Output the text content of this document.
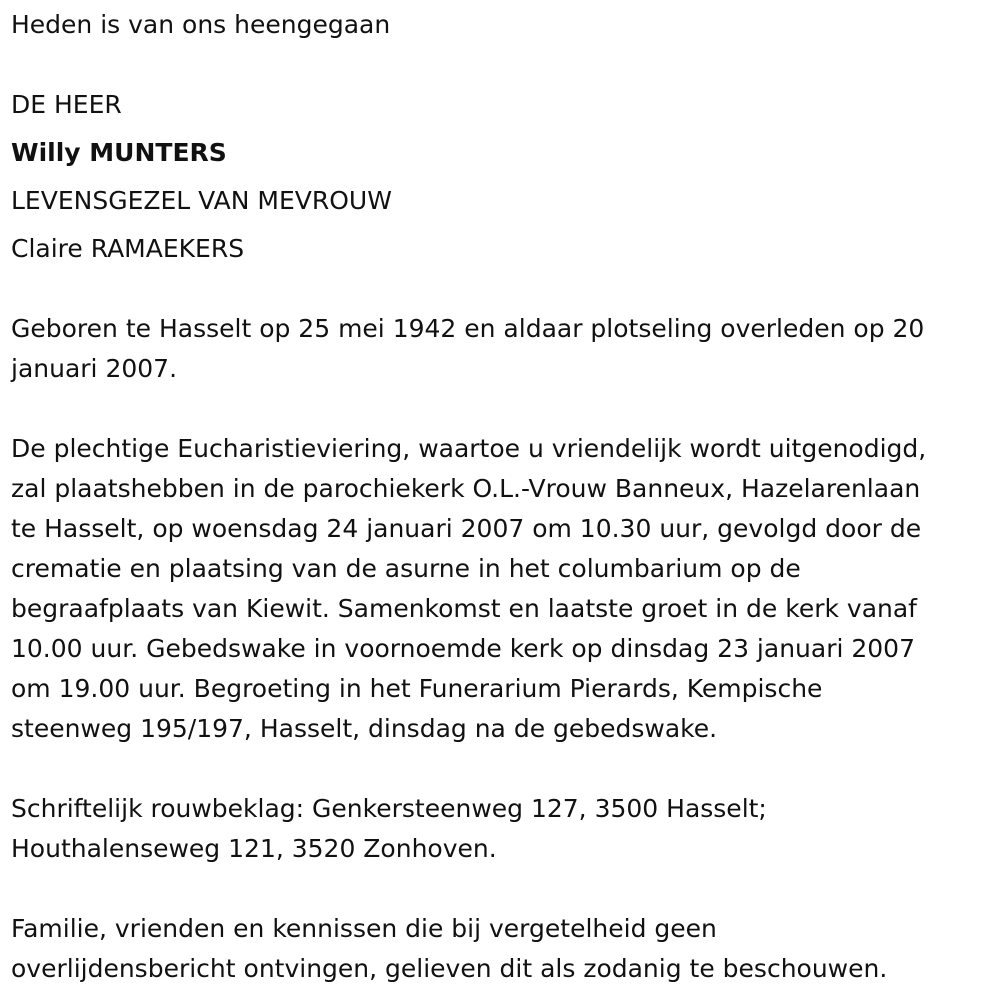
Heden is van ons heengegaan
DE HEER
Willy MUNTERS
LEVENSGEZEL VAN MEVROUW
Claire RAMAEKERS
Geboren te Hasselt op 25 mei 1942 en aldaar plotseling overleden op 20
januari 2007.
De plechtige Eucharistieviering, waartoe u vriendelijk wordt uitgenodigd,
zal plaatshebben in de parochiekerk O.L.-Vrouw Banneux, Hazelarenlaan
te Hasselt, op woensdag 24 januari 2007 om 10.30 uur, gevolgd door de
crematie en plaatsing van de asurne in het columbarium op de
begraafplaats van Kiewit. Samenkomst en laatste groet in de kerk vanaf
10.00 uur. Gebedswake in voornoemde kerk op dinsdag 23 januari 2007
om 19.00 uur. Begroeting in het Funerarium Pierards, Kempische
steenweg 195/197, Hasselt, dinsdag na de gebedswake.
Schriftelijk rouwbeklag: Genkersteenweg 127, 3500 Hasselt;
Houthalenseweg 121, 3520 Zonhoven.
Familie, vrienden en kennissen die bij vergetelheid geen
overlijdensbericht ontvingen, gelieven dit als zodanig te beschouwen.
